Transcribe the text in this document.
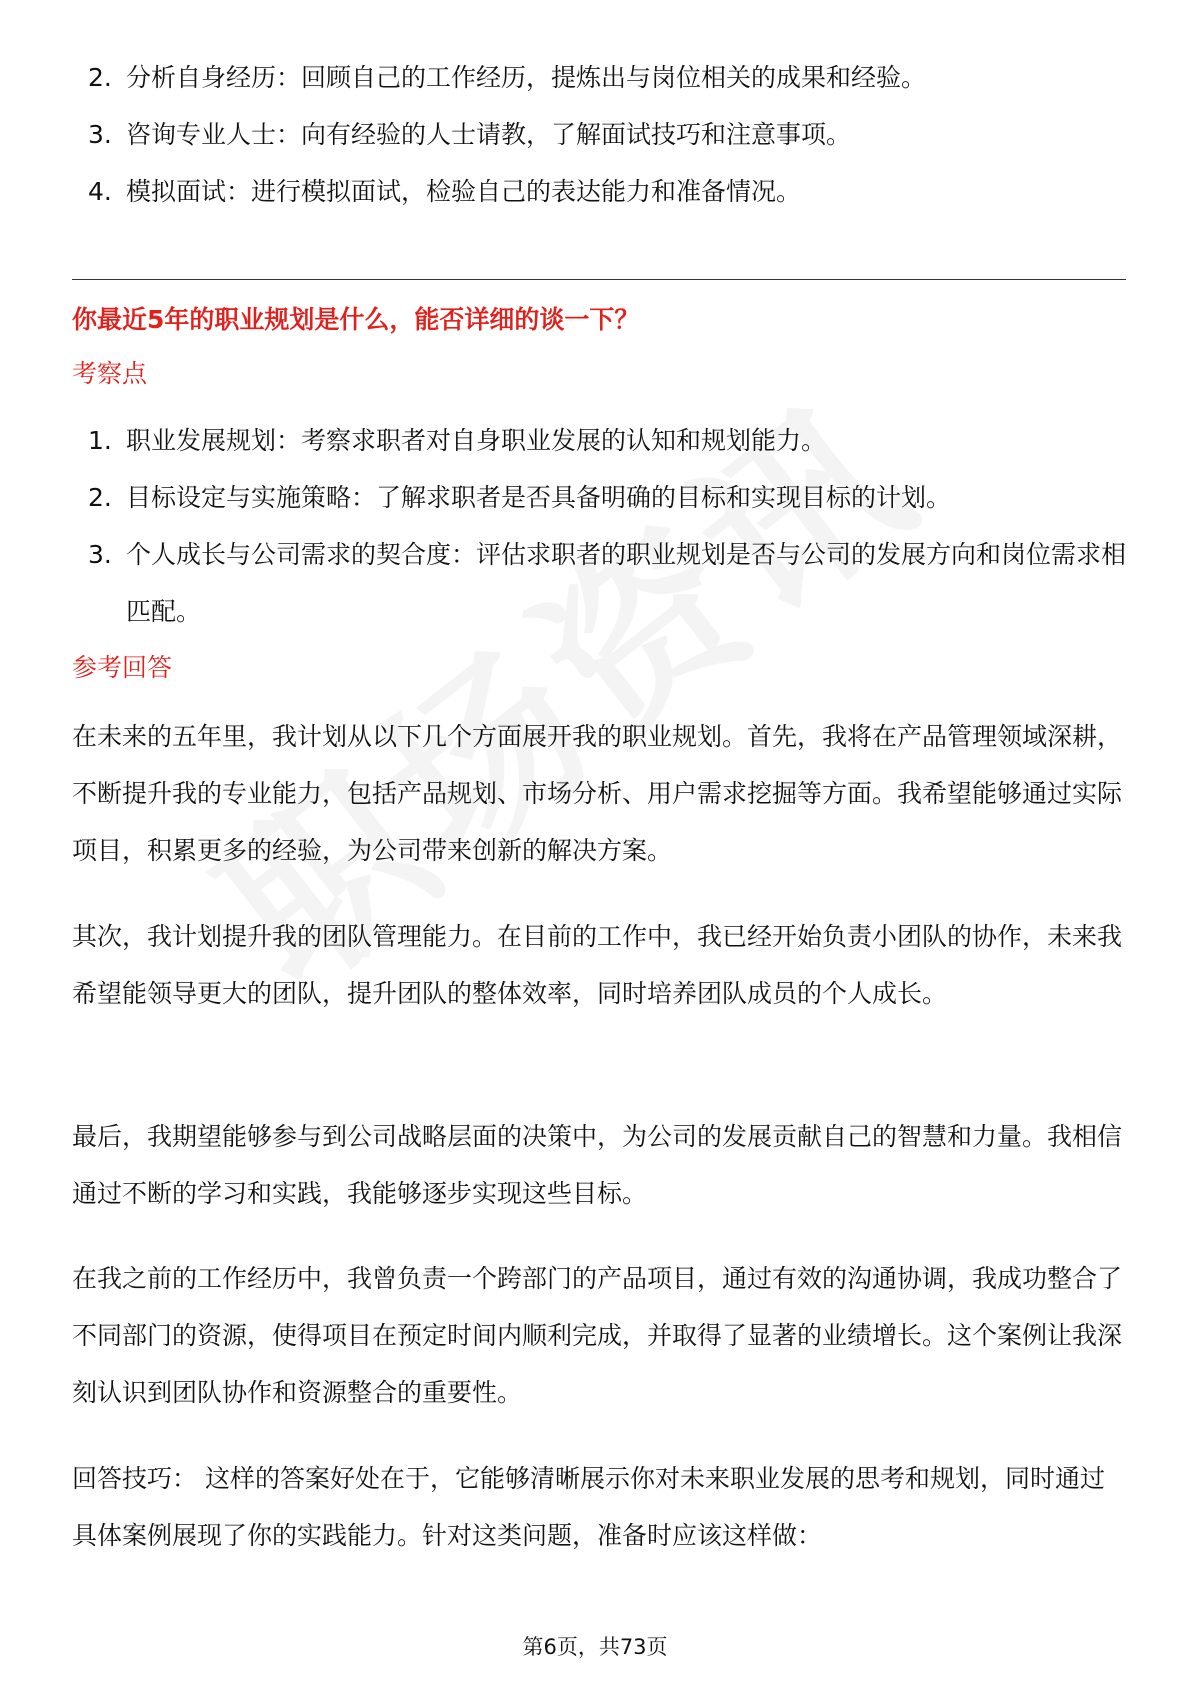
2. 分析自身经历：回顾自己的工作经历，提炼出与岗位相关的成果和经验。
3. 咨询专业人士：向有经验的人士请教，了解面试技巧和注意事项。
4. 模拟面试：进行模拟面试，检验自己的表达能力和准备情况。
你最近5年的职业规划是什么，能否详细的谈一下？
考察点
1. 职业发展规划：考察求职者对自身职业发展的认知和规划能力。
2. 目标设定与实施策略：了解求职者是否具备明确的目标和实现目标的计划。
3. 个人成长与公司需求的契合度：评估求职者的职业规划是否与公司的发展方向和岗位需求相匹配。
参考回答

在未来的五年里，我计划从以下几个方面展开我的职业规划。首先，我将在产品管理领域深耕，不断提升我的专业能力，包括产品规划、市场分析、用户需求挖掘等方面。我希望能够通过实际项目，积累更多的经验，为公司带来创新的解决方案。

其次，我计划提升我的团队管理能力。在目前的工作中，我已经开始负责小团队的协作，未来我希望能领导更大的团队，提升团队的整体效率，同时培养团队成员的个人成长。

最后，我期望能够参与到公司战略层面的决策中，为公司的发展贡献自己的智慧和力量。我相信通过不断的学习和实践，我能够逐步实现这些目标。

在我之前的工作经历中，我曾负责一个跨部门的产品项目，通过有效的沟通协调，我成功整合了不同部门的资源，使得项目在预定时间内顺利完成，并取得了显著的业绩增长。这个案例让我深刻认识到团队协作和资源整合的重要性。

回答技巧： 这样的答案好处在于，它能够清晰展示你对未来职业发展的思考和规划，同时通过具体案例展现了你的实践能力。针对这类问题，准备时应该这样做：

第6页，共73页
